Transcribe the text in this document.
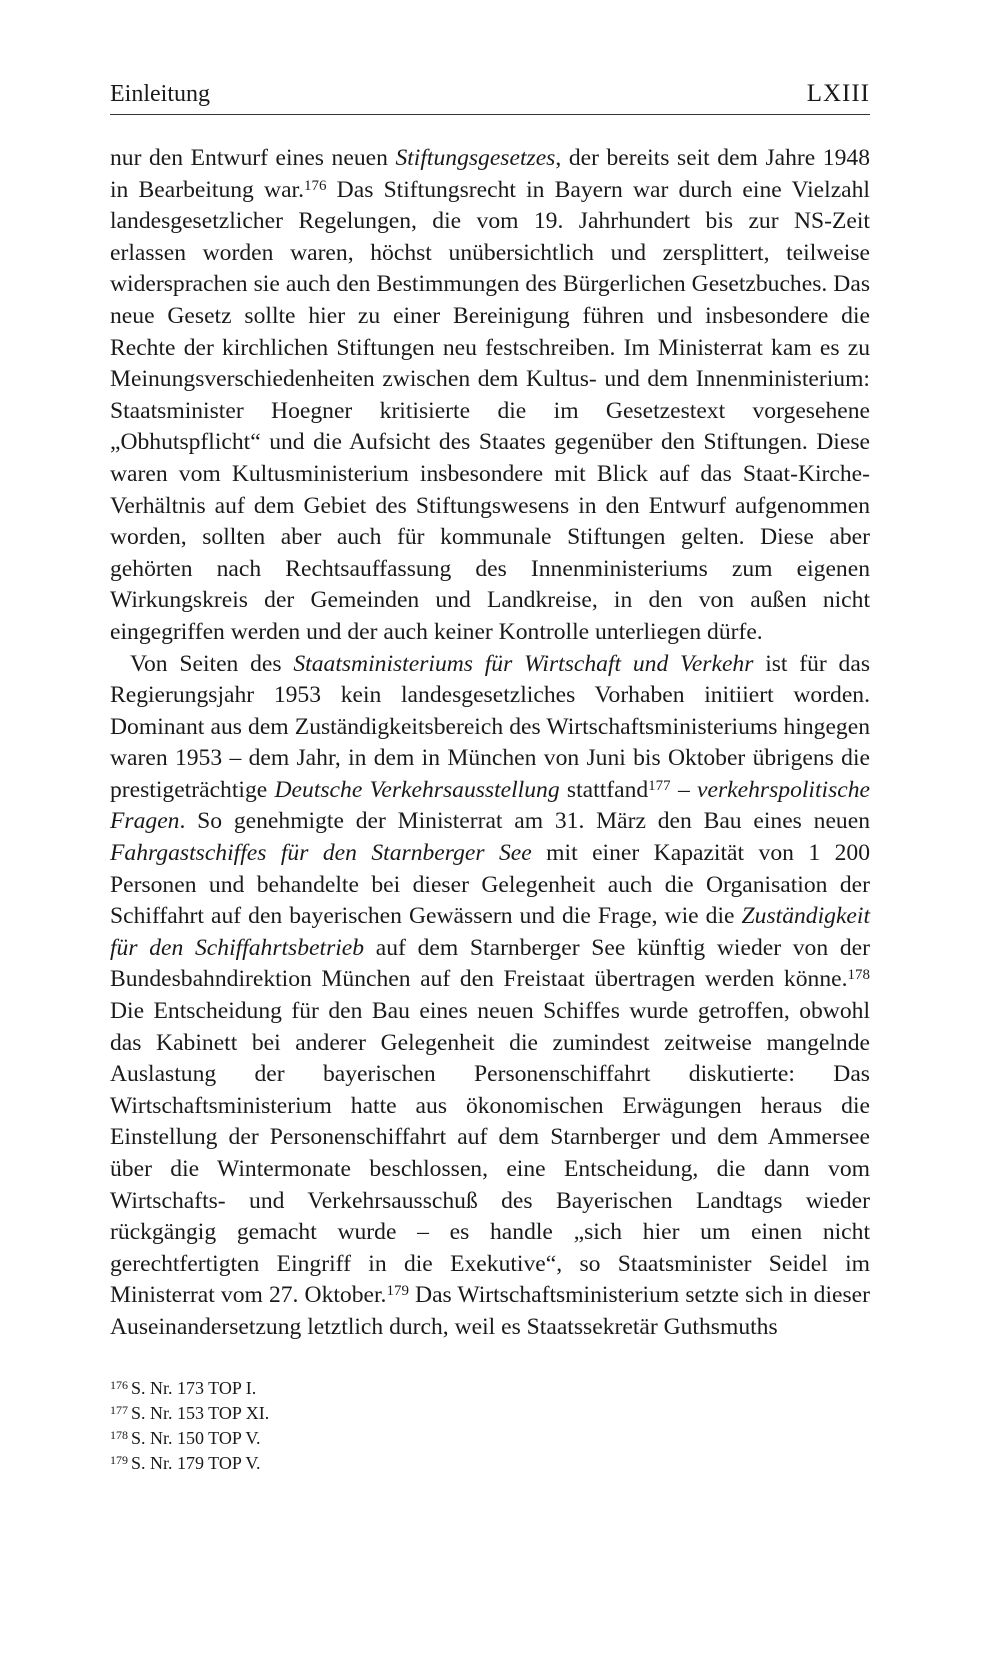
Einleitung	LXIII

nur den Entwurf eines neuen Stiftungsgesetzes, der bereits seit dem Jahre 1948 in Bearbeitung war.$^{176}$ Das Stiftungsrecht in Bayern war durch eine Vielzahl landesgesetzlicher Regelungen, die vom 19. Jahrhundert bis zur NS-Zeit erlassen worden waren, höchst unübersichtlich und zersplittert, teilweise widersprachen sie auch den Bestimmungen des Bürgerlichen Gesetzbuches. Das neue Gesetz sollte hier zu einer Bereinigung führen und insbesondere die Rechte der kirchlichen Stiftungen neu festschreiben. Im Ministerrat kam es zu Meinungsverschiedenheiten zwischen dem Kultus- und dem Innenministerium: Staatsminister Hoegner kritisierte die im Gesetzestext vorgesehene „Obhutspflicht“ und die Aufsicht des Staates gegenüber den Stiftungen. Diese waren vom Kultusministerium insbesondere mit Blick auf das Staat-Kirche-Verhältnis auf dem Gebiet des Stiftungswesens in den Entwurf aufgenommen worden, sollten aber auch für kommunale Stiftungen gelten. Diese aber gehörten nach Rechtsauffassung des Innenministeriums zum eigenen Wirkungskreis der Gemeinden und Landkreise, in den von außen nicht eingegriffen werden und der auch keiner Kontrolle unterliegen dürfe.

Von Seiten des Staatsministeriums für Wirtschaft und Verkehr ist für das Regierungsjahr 1953 kein landesgesetzliches Vorhaben initiiert worden. Dominant aus dem Zuständigkeitsbereich des Wirtschaftsministeriums hingegen waren 1953 – dem Jahr, in dem in München von Juni bis Oktober übrigens die prestigeträchtige Deutsche Verkehrsausstellung stattfand$^{177}$ – verkehrspolitische Fragen. So genehmigte der Ministerrat am 31. März den Bau eines neuen Fahrgastschiffes für den Starnberger See mit einer Kapazität von 1 200 Personen und behandelte bei dieser Gelegenheit auch die Organisation der Schiffahrt auf den bayerischen Gewässern und die Frage, wie die Zuständigkeit für den Schiffahrtsbetrieb auf dem Starnberger See künftig wieder von der Bundesbahndirektion München auf den Freistaat übertragen werden könne.$^{178}$ Die Entscheidung für den Bau eines neuen Schiffes wurde getroffen, obwohl das Kabinett bei anderer Gelegenheit die zumindest zeitweise mangelnde Auslastung der bayerischen Personenschiffahrt diskutierte: Das Wirtschaftsministerium hatte aus ökonomischen Erwägungen heraus die Einstellung der Personenschiffahrt auf dem Starnberger und dem Ammersee über die Wintermonate beschlossen, eine Entscheidung, die dann vom Wirtschafts- und Verkehrsausschuß des Bayerischen Landtags wieder rückgängig gemacht wurde – es handle „sich hier um einen nicht gerechtfertigten Eingriff in die Exekutive“, so Staatsminister Seidel im Ministerrat vom 27. Oktober.$^{179}$ Das Wirtschaftsministerium setzte sich in dieser Auseinandersetzung letztlich durch, weil es Staatssekretär Guthsmuths

$^{176}$ S. Nr. 173 TOP I.
$^{177}$ S. Nr. 153 TOP XI.
$^{178}$ S. Nr. 150 TOP V.
$^{179}$ S. Nr. 179 TOP V.
